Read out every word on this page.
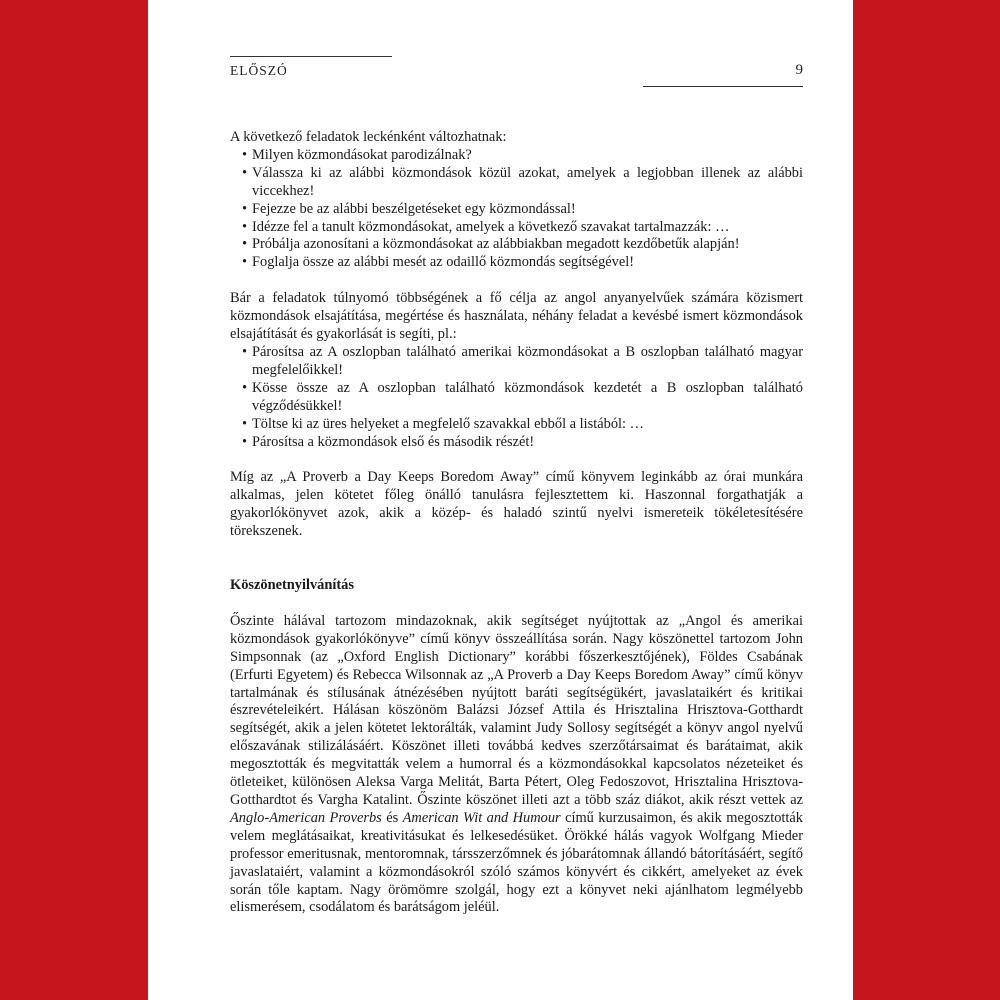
ELŐSZÓ	9

A következő feladatok leckénként változhatnak:

• Milyen közmondásokat parodizálnak?
• Válassza ki az alábbi közmondások közül azokat, amelyek a legjobban illenek az alábbi viccekhez!
• Fejezze be az alábbi beszélgetéseket egy közmondással!
• Idézze fel a tanult közmondásokat, amelyek a következő szavakat tartalmazzák: …
• Próbálja azonosítani a közmondásokat az alábbiakban megadott kezdőbetűk alapján!
• Foglalja össze az alábbi mesét az odaillő közmondás segítségével!

Bár a feladatok túlnyomó többségének a fő célja az angol anyanyelvűek számára közismert közmondások elsajátítása, megértése és használata, néhány feladat a kevésbé ismert közmondások elsajátítását és gyakorlását is segíti, pl.:

• Párosítsa az A oszlopban található amerikai közmondásokat a B oszlopban található magyar megfelelőikkel!
• Kösse össze az A oszlopban található közmondások kezdetét a B oszlopban található végződésükkel!
• Töltse ki az üres helyeket a megfelelő szavakkal ebből a listából: …
• Párosítsa a közmondások első és második részét!

Míg az „A Proverb a Day Keeps Boredom Away” című könyvem leginkább az órai munkára alkalmas, jelen kötetet főleg önálló tanulásra fejlesztettem ki. Haszonnal forgathatják a gyakorlókönyvet azok, akik a közép- és haladó szintű nyelvi ismereteik tökéletesítésére törekszenek.

Köszönetnyilvánítás

Őszinte hálával tartozom mindazoknak, akik segítséget nyújtottak az „Angol és amerikai közmondások gyakorlókönyve” című könyv összeállítása során. Nagy köszönettel tartozom John Simpsonnak (az „Oxford English Dictionary” korábbi főszerkesztőjének), Földes Csabának (Erfurti Egyetem) és Rebecca Wilsonnak az „A Proverb a Day Keeps Boredom Away” című könyv tartalmának és stílusának átnézésében nyújtott baráti segítségükért, javaslataikért és kritikai észrevételeikért. Hálásan köszönöm Balázsi József Attila és Hrisztalina Hrisztova-Gotthardt segítségét, akik a jelen kötetet lektorálták, valamint Judy Sollosy segítségét a könyv angol nyelvű előszavának stilizálásáért. Köszönet illeti továbbá kedves szerzőtársaimat és barátaimat, akik megosztották és megvitatták velem a humorral és a közmondásokkal kapcsolatos nézeteiket és ötleteiket, különösen Aleksa Varga Melitát, Barta Pétert, Oleg Fedoszovot, Hrisztalina Hrisztova-Gotthardtot és Vargha Katalint. Őszinte köszönet illeti azt a több száz diákot, akik részt vettek az Anglo-American Proverbs és American Wit and Humour című kurzusaimon, és akik megosztották velem meglátásaikat, kreativitásukat és lelkesedésüket. Örökké hálás vagyok Wolfgang Mieder professor emeritusnak, mentoromnak, társszerzőmnek és jóbarátomnak állandó bátorításáért, segítő javaslataiért, valamint a közmondásokról szóló számos könyvért és cikkért, amelyeket az évek során tőle kaptam. Nagy örömömre szolgál, hogy ezt a könyvet neki ajánlhatom legmélyebb elismerésem, csodálatom és barátságom jeléül.
